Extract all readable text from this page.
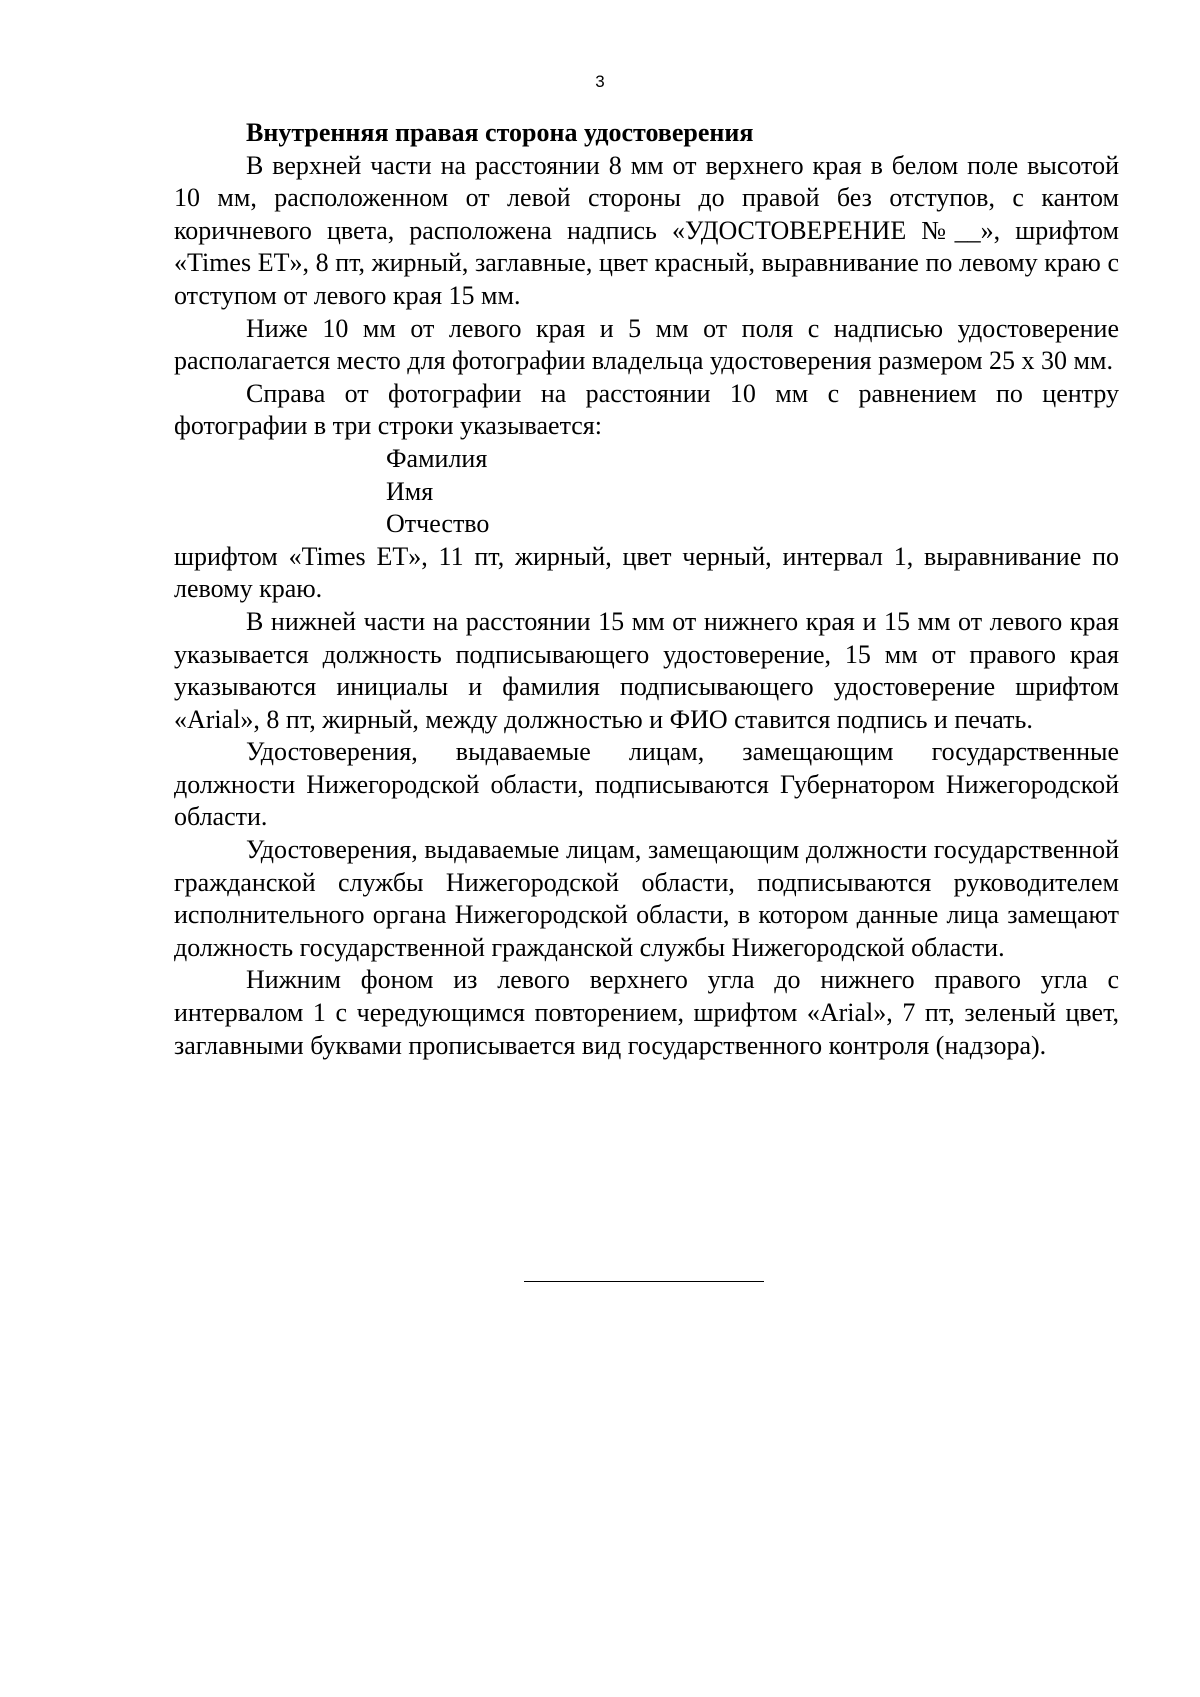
3

Внутренняя правая сторона удостоверения

В верхней части на расстоянии 8 мм от верхнего края в белом поле высотой 10 мм, расположенном от левой стороны до правой без отступов, с кантом коричневого цвета, расположена надпись «УДОСТОВЕРЕНИЕ №__», шрифтом «Times ET», 8 пт, жирный, заглавные, цвет красный, выравнивание по левому краю с отступом от левого края 15 мм.

Ниже 10 мм от левого края и 5 мм от поля с надписью удостоверение располагается место для фотографии владельца удостоверения размером 25 х 30 мм.

Справа от фотографии на расстоянии 10 мм с равнением по центру фотографии в три строки указывается:

Фамилия

Имя

Отчество

шрифтом «Times ET», 11 пт, жирный, цвет черный, интервал 1, выравнивание по левому краю.

В нижней части на расстоянии 15 мм от нижнего края и 15 мм от левого края указывается должность подписывающего удостоверение, 15 мм от правого края указываются инициалы и фамилия подписывающего удостоверение шрифтом «Arial», 8 пт, жирный, между должностью и ФИО ставится подпись и печать.

Удостоверения, выдаваемые лицам, замещающим государственные должности Нижегородской области, подписываются Губернатором Нижегородской области.

Удостоверения, выдаваемые лицам, замещающим должности государственной гражданской службы Нижегородской области, подписываются руководителем исполнительного органа Нижегородской области, в котором данные лица замещают должность государственной гражданской службы Нижегородской области.

Нижним фоном из левого верхнего угла до нижнего правого угла с интервалом 1 с чередующимся повторением, шрифтом «Arial», 7 пт, зеленый цвет, заглавными буквами прописывается вид государственного контроля (надзора).
